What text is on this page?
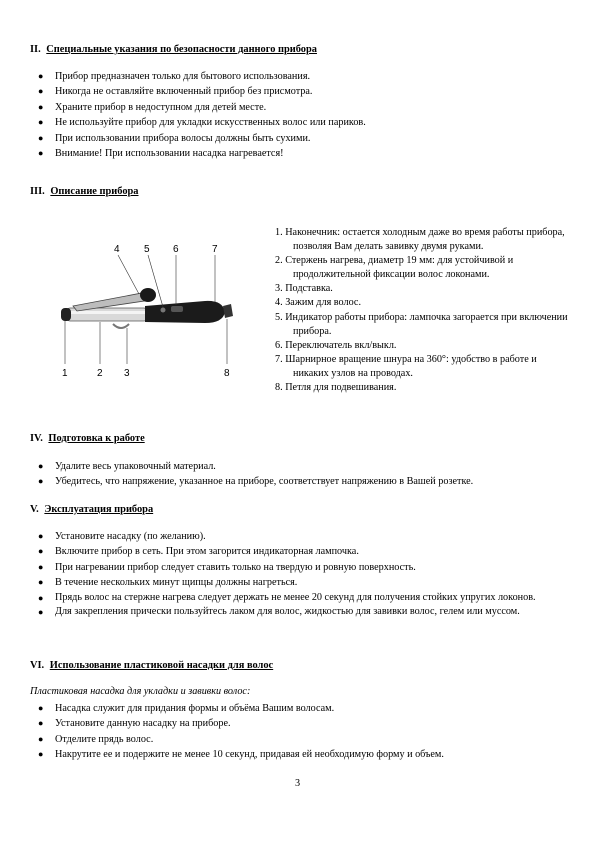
II. Специальные указания по безопасности данного прибора
● Прибор предназначен только для бытового использования.
● Никогда не оставляйте включенный прибор без присмотра.
● Храните прибор в недоступном для детей месте.
● Не используйте прибор для укладки искусственных волос или париков.
● При использовании прибора волосы должны быть сухими.
● Внимание! При использовании насадка нагревается!
III. Описание прибора
1	2 3
4 5 6	7
8
1. Наконечник: остается холодным даже во время работы прибора, позволяя Вам делать завивку двумя руками.
2. Стержень нагрева, диаметр 19 мм: для устойчивой и продолжительной фиксации волос локонами.
3. Подставка.
4. Зажим для волос.
5. Индикатор работы прибора: лампочка загорается при включении прибора.
6. Переключатель вкл/выкл.
7. Шарнирное вращение шнура на 360°: удобство в работе и никаких узлов на проводах.
8. Петля для подвешивания.
IV. Подготовка к работе
● Удалите весь упаковочный материал.
● Убедитесь, что напряжение, указанное на приборе, соответствует напряжению в Вашей розетке.
V. Эксплуатация прибора
● Установите насадку (по желанию).
● Включите прибор в сеть. При этом загорится индикаторная лампочка.
● При нагревании прибор следует ставить только на твердую и ровную поверхность.
● В течение нескольких минут щипцы должны нагреться.
● Прядь волос на стержне нагрева следует держать не менее 20 секунд для получения стойких упругих локонов.
● Для закрепления прически пользуйтесь лаком для волос, жидкостью для завивки волос, гелем или муссом.
VI. Использование пластиковой насадки для волос
Пластиковая насадка для укладки и завивки волос:
● Насадка служит для придания формы и объёма Вашим волосам.
● Установите данную насадку на приборе.
● Отделите прядь волос.
● Накрутите ее и подержите не менее 10 секунд, придавая ей необходимую форму и объем.
3
